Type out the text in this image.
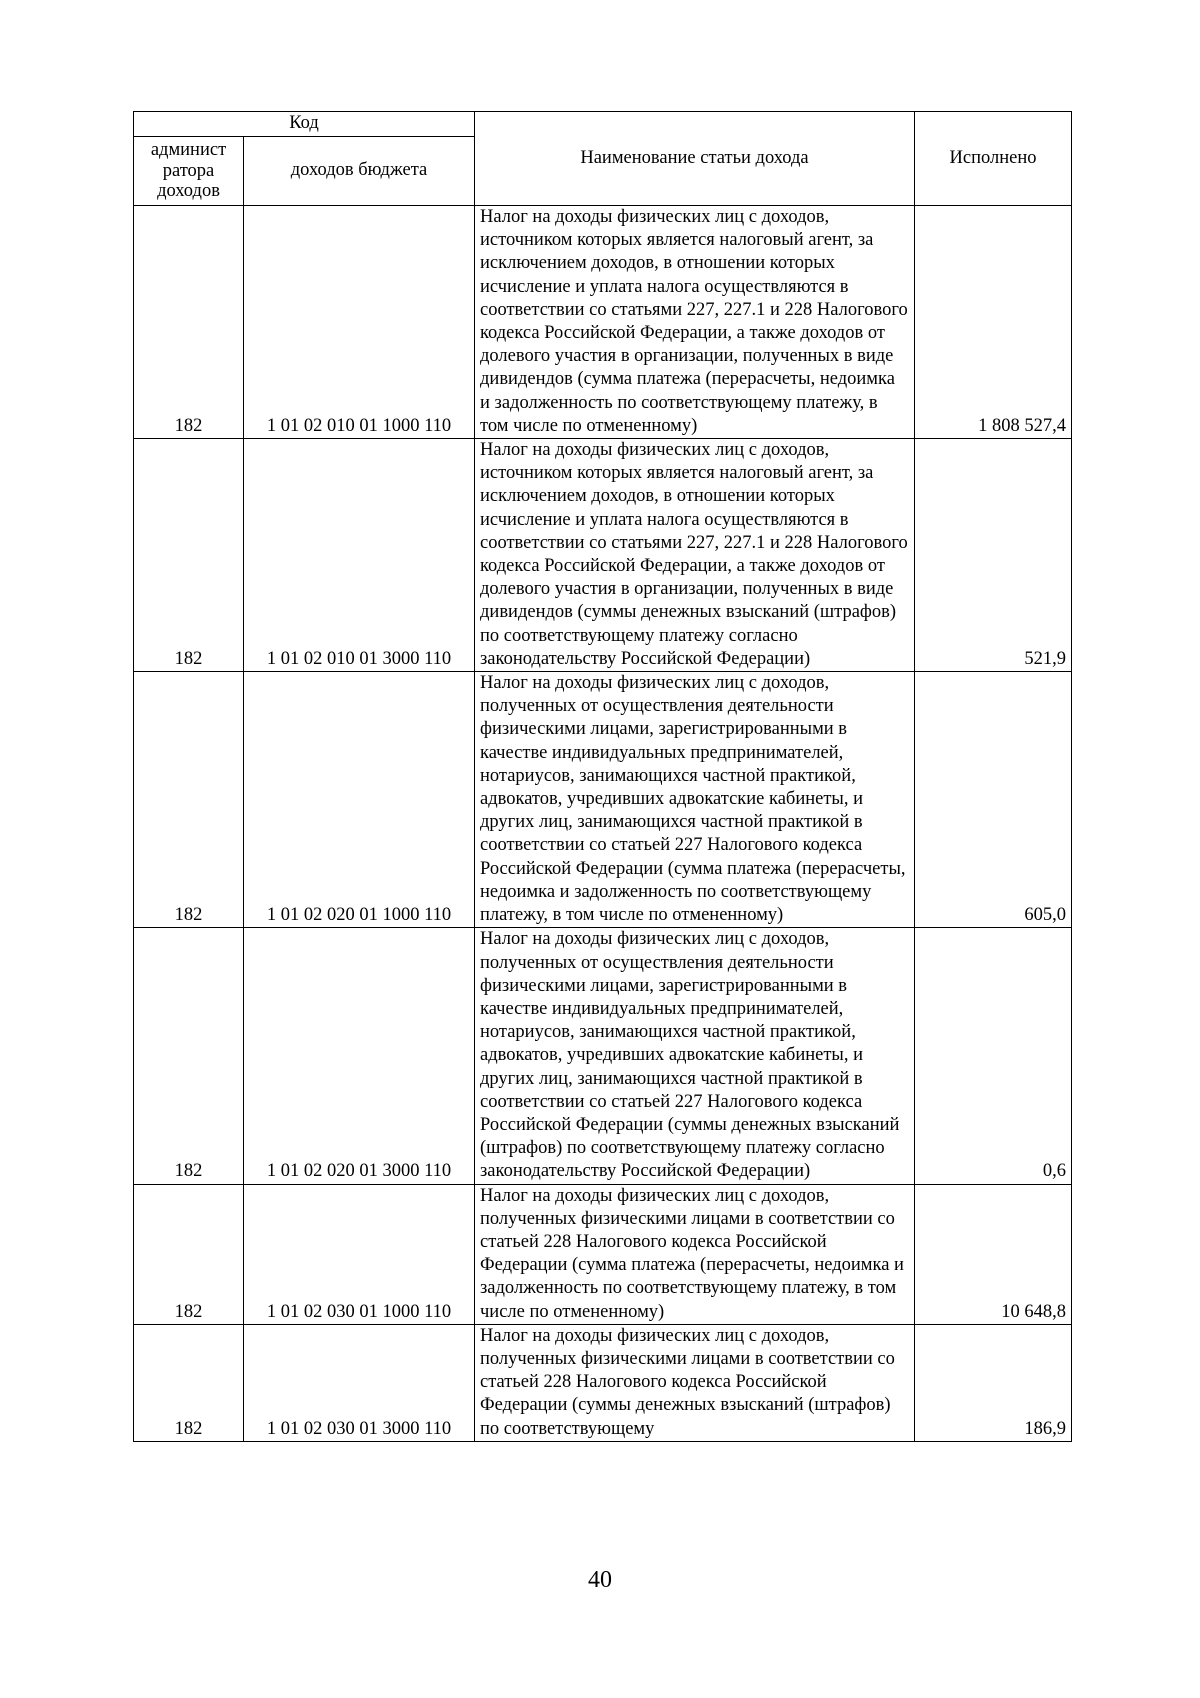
Код		Наименование статьи дохода	Исполнено
админист ратора доходов	доходов бюджета		
182	1 01 02 010 01 1000 110	Налог на доходы физических лиц с доходов, источником которых является налоговый агент, за исключением доходов, в отношении которых исчисление и уплата налога осуществляются в соответствии со статьями 227, 227.1 и 228 Налогового кодекса Российской Федерации, а также доходов от долевого участия в организации, полученных в виде дивидендов (сумма платежа (перерасчеты, недоимка и задолженность по соответствующему платежу, в том числе по отмененному)	1 808 527,4
182	1 01 02 010 01 3000 110	Налог на доходы физических лиц с доходов, источником которых является налоговый агент, за исключением доходов, в отношении которых исчисление и уплата налога осуществляются в соответствии со статьями 227, 227.1 и 228 Налогового кодекса Российской Федерации, а также доходов от долевого участия в организации, полученных в виде дивидендов (суммы денежных взысканий (штрафов) по соответствующему платежу согласно законодательству Российской Федерации)	521,9
182	1 01 02 020 01 1000 110	Налог на доходы физических лиц с доходов, полученных от осуществления деятельности физическими лицами, зарегистрированными в качестве индивидуальных предпринимателей, нотариусов, занимающихся частной практикой, адвокатов, учредивших адвокатские кабинеты, и других лиц, занимающихся частной практикой в соответствии со статьей 227 Налогового кодекса Российской Федерации (сумма платежа (перерасчеты, недоимка и задолженность по соответствующему платежу, в том числе по отмененному)	605,0
182	1 01 02 020 01 3000 110	Налог на доходы физических лиц с доходов, полученных от осуществления деятельности физическими лицами, зарегистрированными в качестве индивидуальных предпринимателей, нотариусов, занимающихся частной практикой, адвокатов, учредивших адвокатские кабинеты, и других лиц, занимающихся частной практикой в соответствии со статьей 227 Налогового кодекса Российской Федерации (суммы денежных взысканий (штрафов) по соответствующему платежу согласно законодательству Российской Федерации)	0,6
182	1 01 02 030 01 1000 110	Налог на доходы физических лиц с доходов, полученных физическими лицами в соответствии со статьей 228 Налогового кодекса Российской Федерации (сумма платежа (перерасчеты, недоимка и задолженность по соответствующему платежу, в том числе по отмененному)	10 648,8
182	1 01 02 030 01 3000 110	Налог на доходы физических лиц с доходов, полученных физическими лицами в соответствии со статьей 228 Налогового кодекса Российской Федерации (суммы денежных взысканий (штрафов) по соответствующему	186,9
40
